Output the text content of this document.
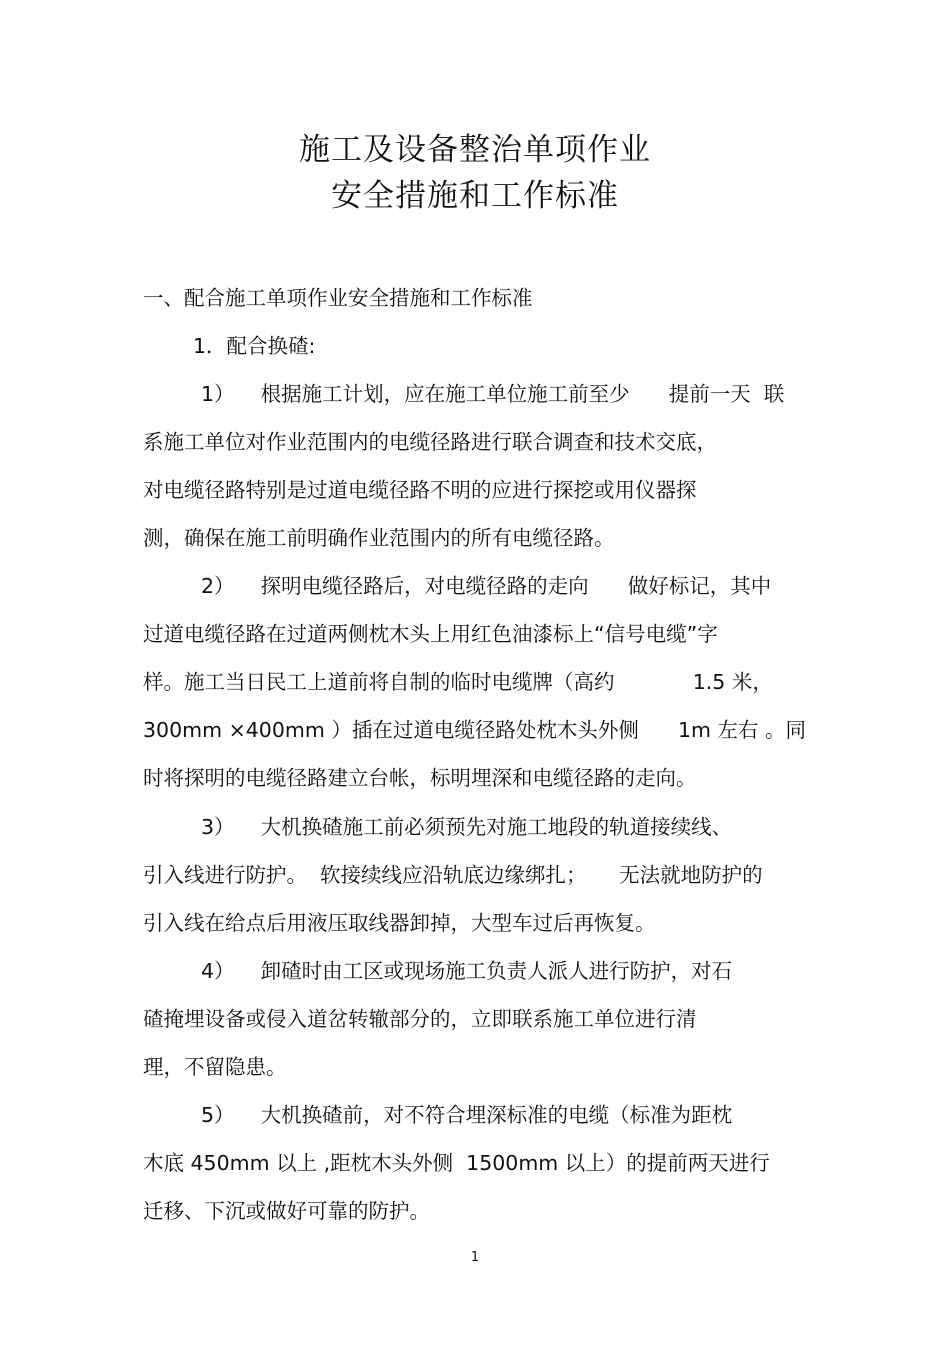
施工及设备整治单项作业
安全措施和工作标准

一、配合施工单项作业安全措施和工作标准

1．配合换碴:

1）    根据施工计划，应在施工单位施工前至少      提前一天  联

系施工单位对作业范围内的电缆径路进行联合调查和技术交底，

对电缆径路特别是过道电缆径路不明的应进行探挖或用仪器探

测，确保在施工前明确作业范围内的所有电缆径路。

2）    探明电缆径路后，对电缆径路的走向      做好标记，其中

过道电缆径路在过道两侧枕木头上用红色油漆标上“信号电缆”字

样。施工当日民工上道前将自制的临时电缆牌（高约            1.5 米，

300mm ×400mm ）插在过道电缆径路处枕木头外侧      1m 左右 。同

时将探明的电缆径路建立台帐，标明埋深和电缆径路的走向。

3）    大机换碴施工前必须预先对施工地段的轨道接续线、

引入线进行防护。  软接续线应沿轨底边缘绑扎；     无法就地防护的

引入线在给点后用液压取线器卸掉，大型车过后再恢复。

4）    卸碴时由工区或现场施工负责人派人进行防护，对石

碴掩埋设备或侵入道岔转辙部分的，立即联系施工单位进行清

理，不留隐患。

5）    大机换碴前，对不符合埋深标准的电缆（标准为距枕

木底 450mm 以上 ,距枕木头外侧  1500mm 以上）的提前两天进行

迁移、下沉或做好可靠的防护。

1
